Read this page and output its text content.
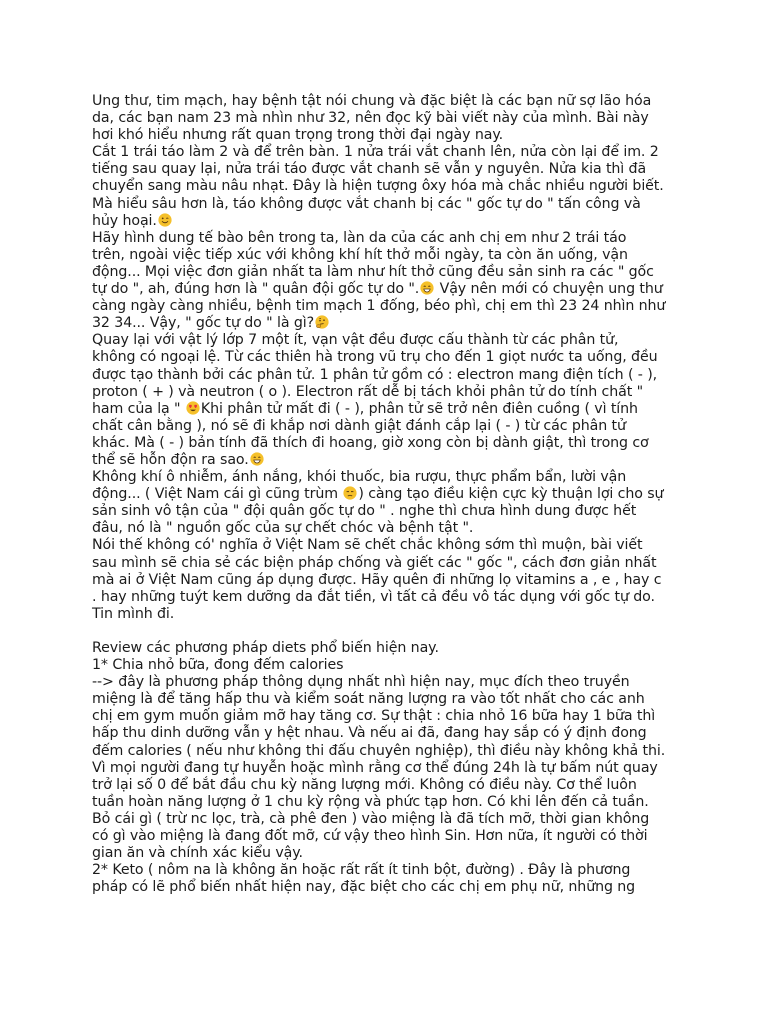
Ung thư, tim mạch, hay bệnh tật nói chung và đặc biệt là các bạn nữ sợ lão hóa
da, các bạn nam 23 mà nhìn như 32, nên đọc kỹ bài viết này của mình. Bài này
hơi khó hiểu nhưng rất quan trọng trong thời đại ngày nay.
Cắt 1 trái táo làm 2 và để trên bàn. 1 nửa trái vắt chanh lên, nửa còn lại để im. 2
tiếng sau quay lại, nửa trái táo được vắt chanh sẽ vẫn y nguyên. Nửa kia thì đã
chuyển sang màu nâu nhạt. Đây là hiện tượng ôxy hóa mà chắc nhiều người biết.
Mà hiểu sâu hơn là, táo không được vắt chanh bị các " gốc tự do " tấn công và
hủy hoại.
Hãy hình dung tế bào bên trong ta, làn da của các anh chị em như 2 trái táo
trên, ngoài việc tiếp xúc với không khí hít thở mỗi ngày, ta còn ăn uống, vận
động... Mọi việc đơn giản nhất ta làm như hít thở cũng đều sản sinh ra các " gốc
tự do ", ah, đúng hơn là " quân đội gốc tự do ".
Vậy nên mới có chuyện ung thư
càng ngày càng nhiều, bệnh tim mạch 1 đống, béo phì, chị em thì 23 24 nhìn như
32 34... Vậy, " gốc tự do " là gì?
Quay lại với vật lý lớp 7 một ít, vạn vật đều được cấu thành từ các phân tử,
không có ngoại lệ. Từ các thiên hà trong vũ trụ cho đến 1 giọt nước ta uống, đều
được tạo thành bởi các phân tử. 1 phân tử gồm có : electron mang điện tích ( - ),
proton ( + ) và neutron ( o ). Electron rất dễ bị tách khỏi phân tử do tính chất "
ham của lạ "
Khi phân tử mất đi ( - ), phân tử sẽ trở nên điên cuồng ( vì tính
chất cân bằng ), nó sẽ đi khắp nơi dành giật đánh cắp lại ( - ) từ các phân tử
khác. Mà ( - ) bản tính đã thích đi hoang, giờ xong còn bị dành giật, thì trong cơ
thể sẽ hỗn độn ra sao.
Không khí ô nhiễm, ánh nắng, khói thuốc, bia rượu, thực phẩm bẩn, lười vận
động... ( Việt Nam cái gì cũng trùm
) càng tạo điều kiện cực kỳ thuận lợi cho sự
sản sinh vô tận của " đội quân gốc tự do " . nghe thì chưa hình dung được hết
đâu, nó là " nguồn gốc của sự chết chóc và bệnh tật ".
Nói thế không có' nghĩa ở Việt Nam sẽ chết chắc không sớm thì muộn, bài viết
sau mình sẽ chia sẻ các biện pháp chống và giết các " gốc ", cách đơn giản nhất
mà ai ở Việt Nam cũng áp dụng được. Hãy quên đi những lọ vitamins a , e , hay c
. hay những tuýt kem dưỡng da đắt tiền, vì tất cả đều vô tác dụng với gốc tự do.
Tin mình đi.
Review các phương pháp diets phổ biến hiện nay.
1* Chia nhỏ bữa, đong đếm calories
--> đây là phương pháp thông dụng nhất nhì hiện nay, mục đích theo truyền
miệng là để tăng hấp thu và kiểm soát năng lượng ra vào tốt nhất cho các anh
chị em gym muốn giảm mỡ hay tăng cơ. Sự thật : chia nhỏ 16 bữa hay 1 bữa thì
hấp thu dinh dưỡng vẫn y hệt nhau. Và nếu ai đã, đang hay sắp có ý định đong
đếm calories ( nếu như không thi đấu chuyên nghiệp), thì điều này không khả thi.
Vì mọi người đang tự huyễn hoặc mình rằng cơ thể đúng 24h là tự bấm nút quay
trở lại số 0 để bắt đầu chu kỳ năng lượng mới. Không có điều này. Cơ thể luôn
tuần hoàn năng lượng ở 1 chu kỳ rộng và phức tạp hơn. Có khi lên đến cả tuần.
Bỏ cái gì ( trừ nc lọc, trà, cà phê đen ) vào miệng là đã tích mỡ, thời gian không
có gì vào miệng là đang đốt mỡ, cứ vậy theo hình Sin. Hơn nữa, ít người có thời
gian ăn và chính xác kiểu vậy.
2* Keto ( nôm na là không ăn hoặc rất rất ít tinh bột, đường) . Đây là phương
pháp có lẽ phổ biến nhất hiện nay, đặc biệt cho các chị em phụ nữ, những ng
